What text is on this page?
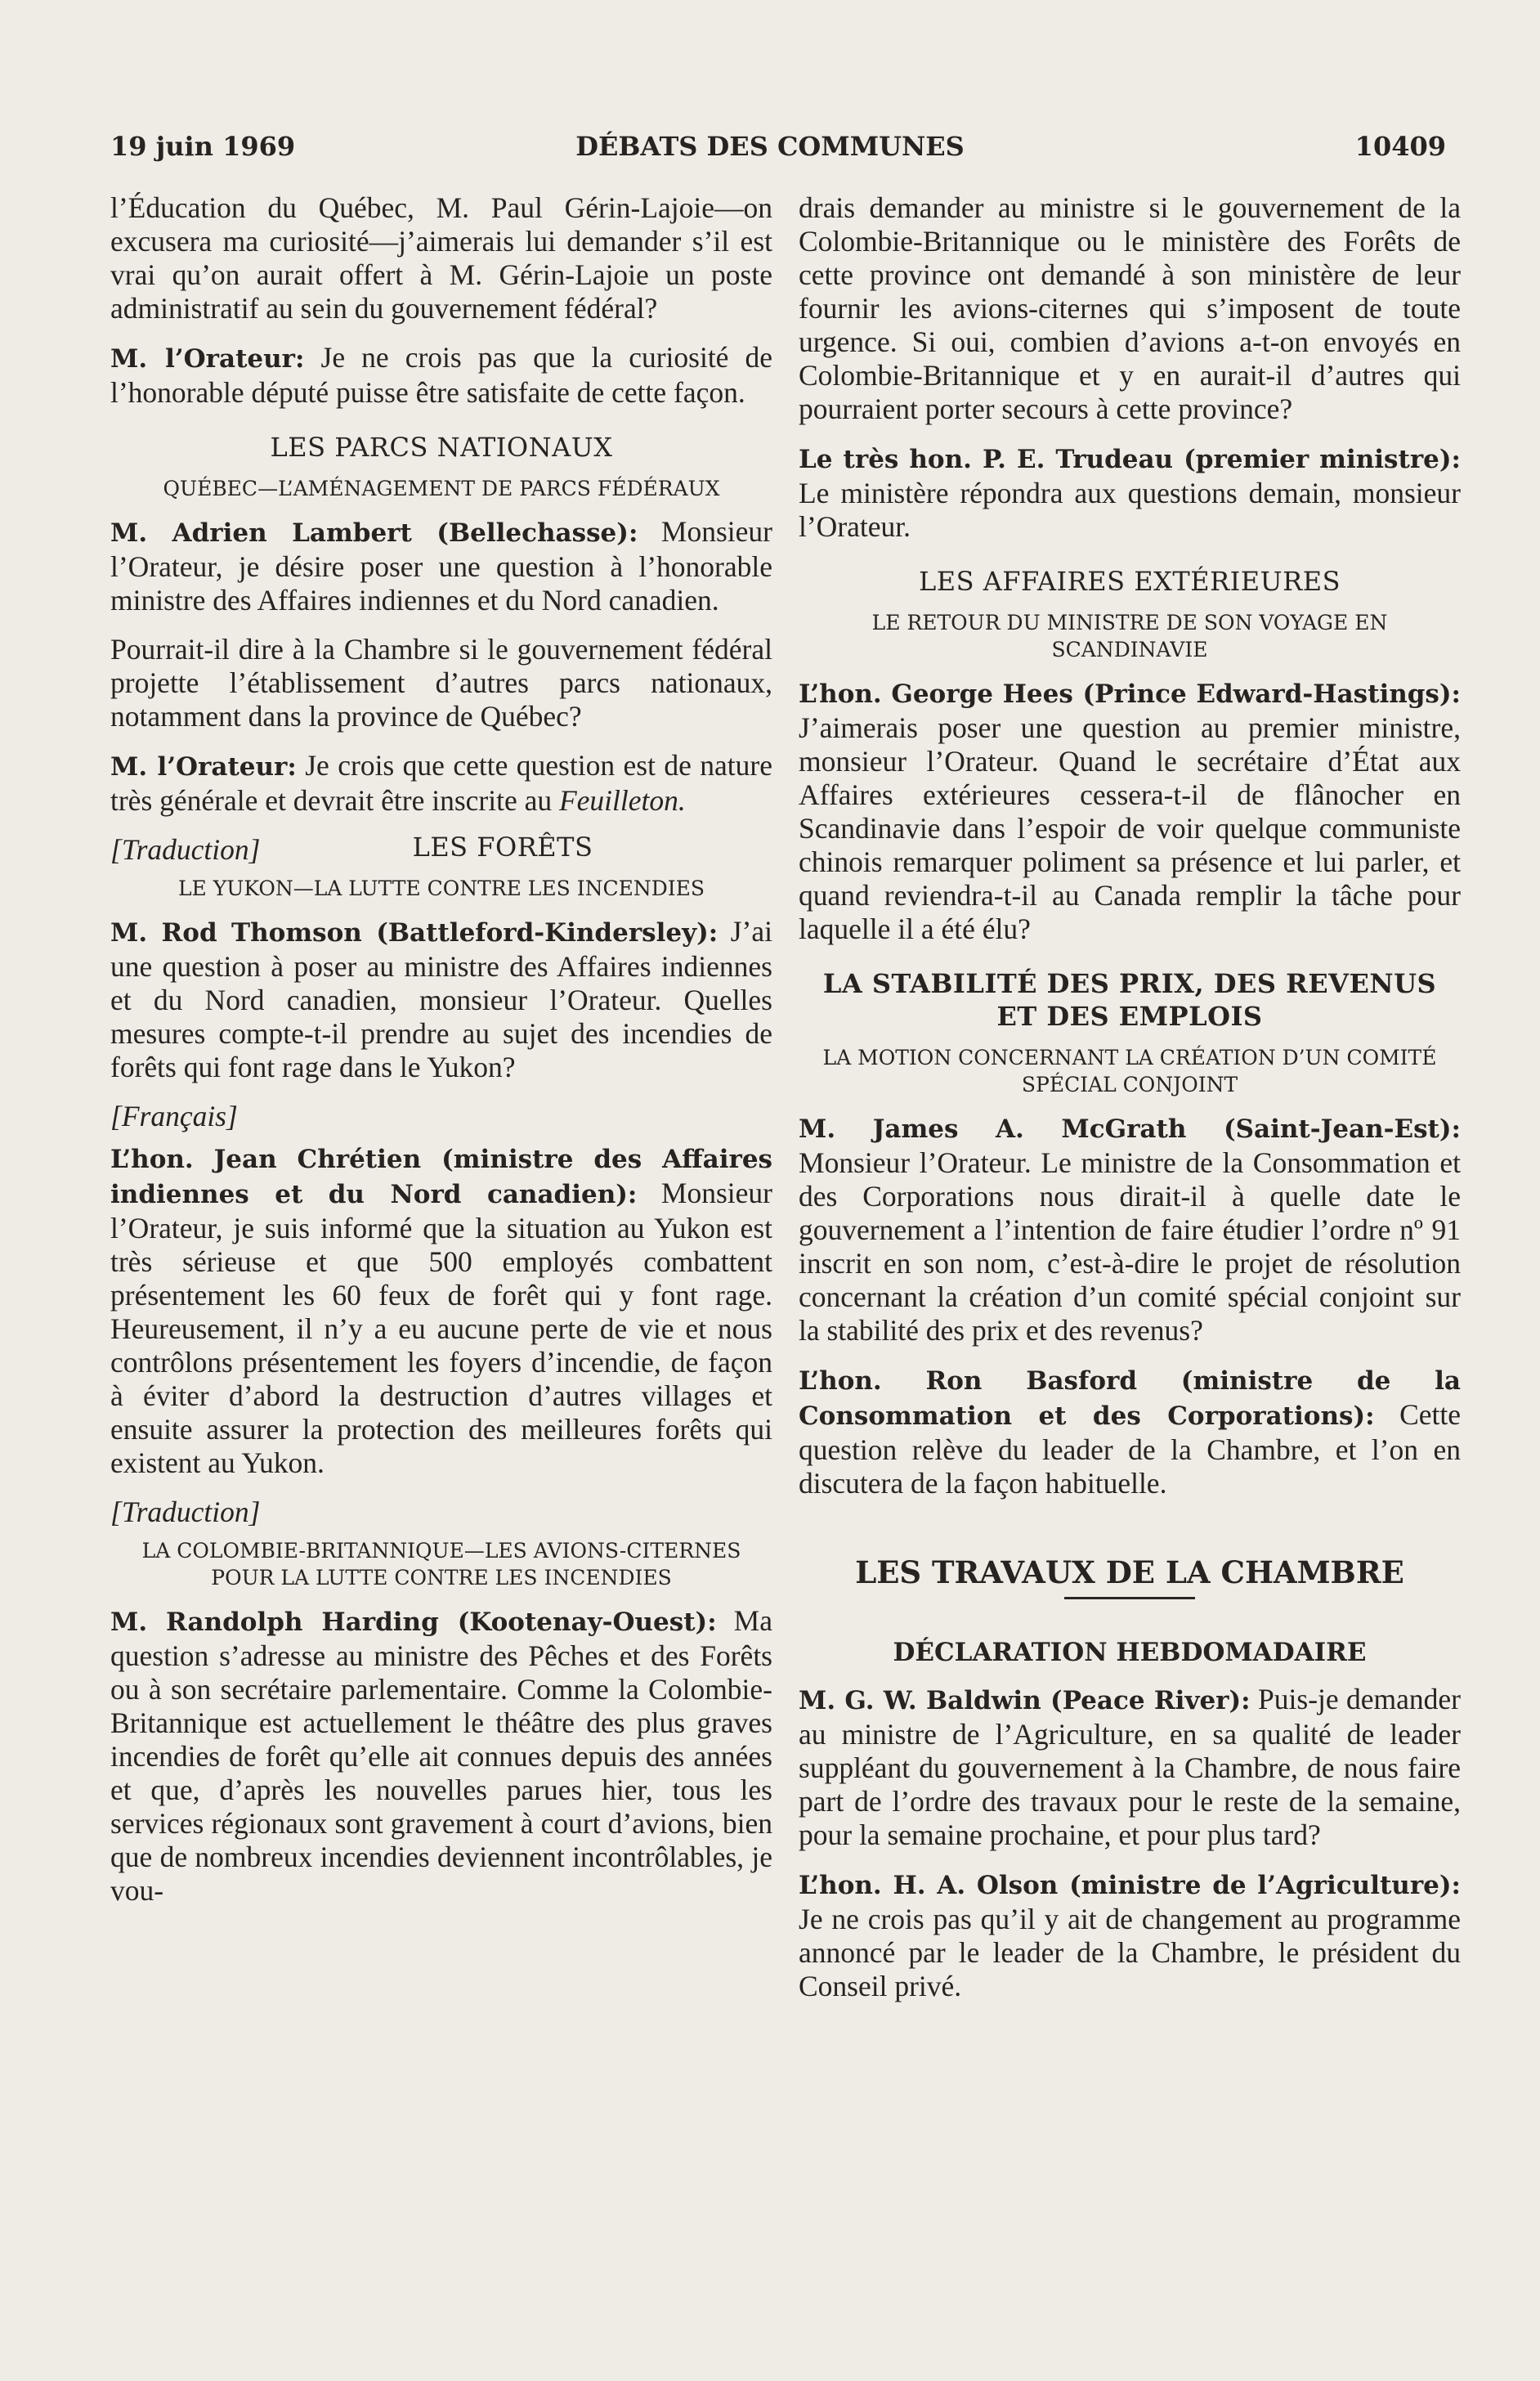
19 juin 1969	DÉBATS DES COMMUNES	10409

l’Éducation du Québec, M. Paul Gérin-Lajoie—on excusera ma curiosité—j’aimerais lui demander s’il est vrai qu’on aurait offert à M. Gérin-Lajoie un poste administratif au sein du gouvernement fédéral?

M. l’Orateur: Je ne crois pas que la curiosité de l’honorable député puisse être satisfaite de cette façon.

LES PARCS NATIONAUX
QUÉBEC—L’AMÉNAGEMENT DE PARCS FÉDÉRAUX

M. Adrien Lambert (Bellechasse): Monsieur l’Orateur, je désire poser une question à l’honorable ministre des Affaires indiennes et du Nord canadien.

Pourrait-il dire à la Chambre si le gouvernement fédéral projette l’établissement d’autres parcs nationaux, notamment dans la province de Québec?

M. l’Orateur: Je crois que cette question est de nature très générale et devrait être inscrite au Feuilleton.

[Traduction]	LES FORÊTS
LE YUKON—LA LUTTE CONTRE LES INCENDIES

M. Rod Thomson (Battleford-Kindersley): J’ai une question à poser au ministre des Affaires indiennes et du Nord canadien, monsieur l’Orateur. Quelles mesures compte-t-il prendre au sujet des incendies de forêts qui font rage dans le Yukon?

[Français]

L’hon. Jean Chrétien (ministre des Affaires indiennes et du Nord canadien): Monsieur l’Orateur, je suis informé que la situation au Yukon est très sérieuse et que 500 employés combattent présentement les 60 feux de forêt qui y font rage. Heureusement, il n’y a eu aucune perte de vie et nous contrôlons présentement les foyers d’incendie, de façon à éviter d’abord la destruction d’autres villages et ensuite assurer la protection des meilleures forêts qui existent au Yukon.

[Traduction]
LA COLOMBIE-BRITANNIQUE—LES AVIONS-CITERNES POUR LA LUTTE CONTRE LES INCENDIES

M. Randolph Harding (Kootenay-Ouest): Ma question s’adresse au ministre des Pêches et des Forêts ou à son secrétaire parlementaire. Comme la Colombie-Britannique est actuellement le théâtre des plus graves incendies de forêt qu’elle ait connues depuis des années et que, d’après les nouvelles parues hier, tous les services régionaux sont gravement à court d’avions, bien que de nombreux incendies deviennent incontrôlables, je vou-

drais demander au ministre si le gouvernement de la Colombie-Britannique ou le ministère des Forêts de cette province ont demandé à son ministère de leur fournir les avions-citernes qui s’imposent de toute urgence. Si oui, combien d’avions a-t-on envoyés en Colombie-Britannique et y en aurait-il d’autres qui pourraient porter secours à cette province?

Le très hon. P. E. Trudeau (premier ministre): Le ministère répondra aux questions demain, monsieur l’Orateur.

LES AFFAIRES EXTÉRIEURES
LE RETOUR DU MINISTRE DE SON VOYAGE EN SCANDINAVIE

L’hon. George Hees (Prince Edward-Hastings): J’aimerais poser une question au premier ministre, monsieur l’Orateur. Quand le secrétaire d’État aux Affaires extérieures cessera-t-il de flânocher en Scandinavie dans l’espoir de voir quelque communiste chinois remarquer poliment sa présence et lui parler, et quand reviendra-t-il au Canada remplir la tâche pour laquelle il a été élu?

LA STABILITÉ DES PRIX, DES REVENUS ET DES EMPLOIS
LA MOTION CONCERNANT LA CRÉATION D’UN COMITÉ SPÉCIAL CONJOINT

M. James A. McGrath (Saint-Jean-Est): Monsieur l’Orateur. Le ministre de la Consommation et des Corporations nous dirait-il à quelle date le gouvernement a l’intention de faire étudier l’ordre nº 91 inscrit en son nom, c’est-à-dire le projet de résolution concernant la création d’un comité spécial conjoint sur la stabilité des prix et des revenus?

L’hon. Ron Basford (ministre de la Consommation et des Corporations): Cette question relève du leader de la Chambre, et l’on en discutera de la façon habituelle.

LES TRAVAUX DE LA CHAMBRE
DÉCLARATION HEBDOMADAIRE

M. G. W. Baldwin (Peace River): Puis-je demander au ministre de l’Agriculture, en sa qualité de leader suppléant du gouvernement à la Chambre, de nous faire part de l’ordre des travaux pour le reste de la semaine, pour la semaine prochaine, et pour plus tard?

L’hon. H. A. Olson (ministre de l’Agriculture): Je ne crois pas qu’il y ait de changement au programme annoncé par le leader de la Chambre, le président du Conseil privé.
